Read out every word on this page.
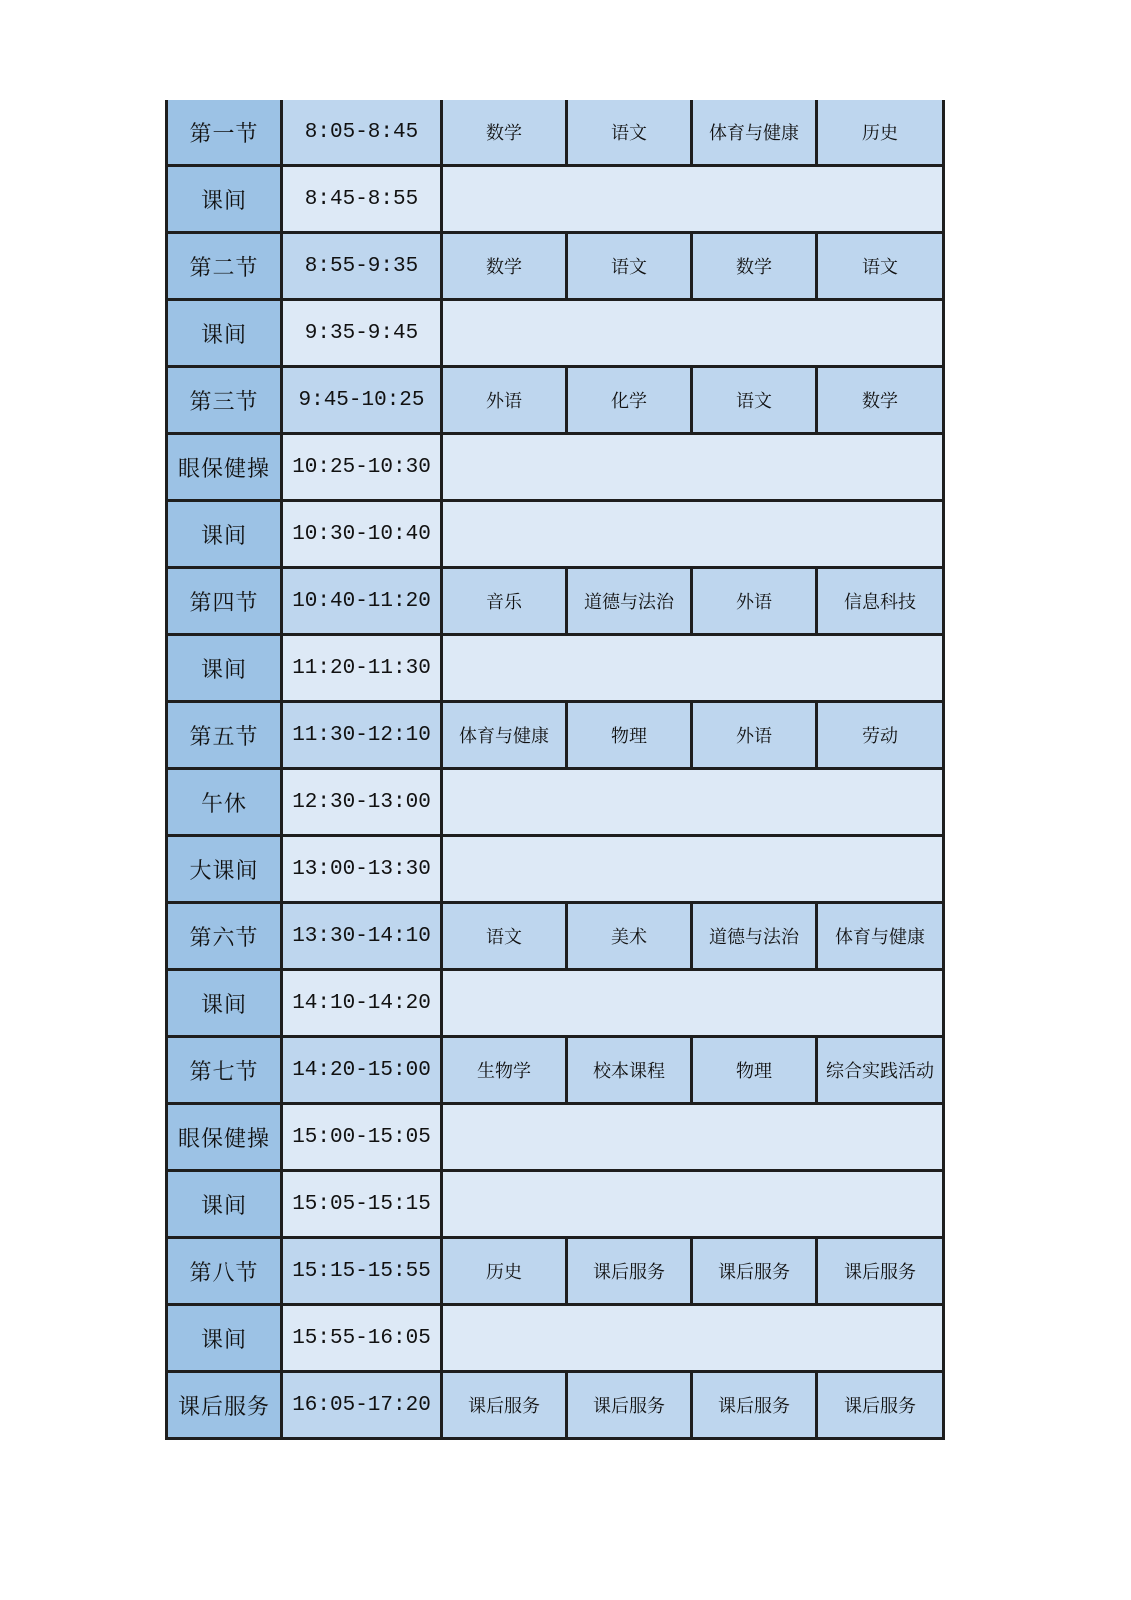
第一节	8:05-8:45	数学	语文	体育与健康	历史
课间	8:45-8:55				
第二节	8:55-9:35	数学	语文	数学	语文
课间	9:35-9:45				
第三节	9:45-10:25	外语	化学	语文	数学
眼保健操	10:25-10:30				
课间	10:30-10:40				
第四节	10:40-11:20	音乐	道德与法治	外语	信息科技
课间	11:20-11:30				
第五节	11:30-12:10	体育与健康	物理	外语	劳动
午休	12:30-13:00				
大课间	13:00-13:30				
第六节	13:30-14:10	语文	美术	道德与法治	体育与健康
课间	14:10-14:20				
第七节	14:20-15:00	生物学	校本课程	物理	综合实践活动
眼保健操	15:00-15:05				
课间	15:05-15:15				
第八节	15:15-15:55	历史	课后服务	课后服务	课后服务
课间	15:55-16:05				
课后服务	16:05-17:20	课后服务	课后服务	课后服务	课后服务
